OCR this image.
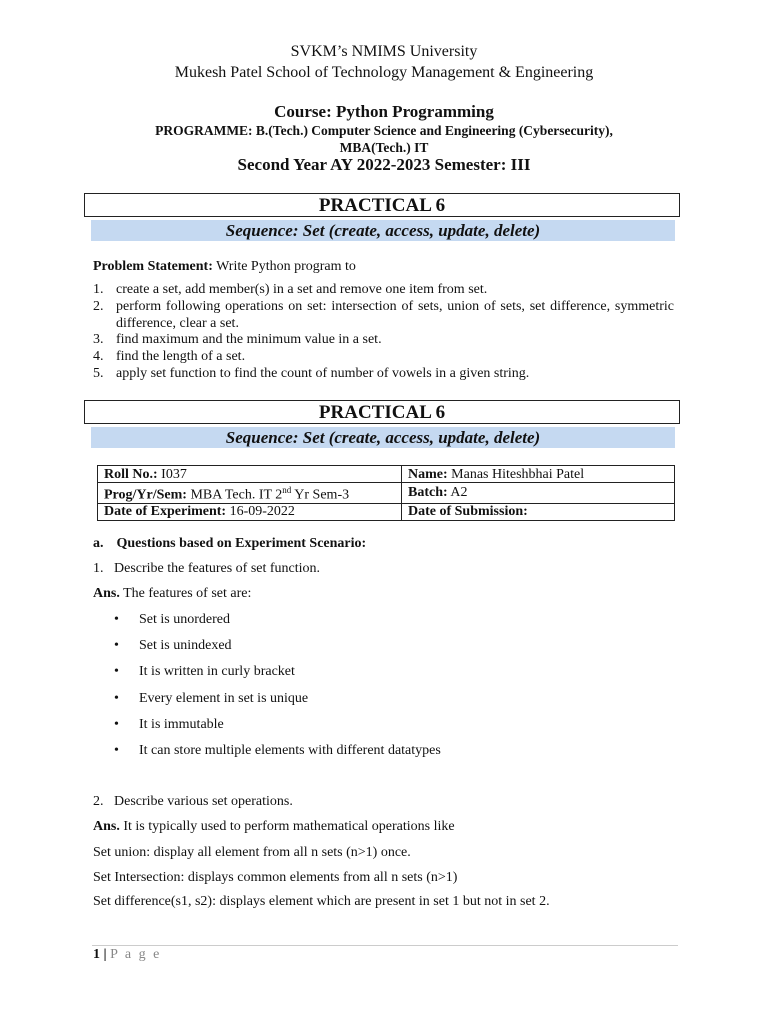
SVKM’s NMIMS University
Mukesh Patel School of Technology Management & Engineering
Course: Python Programming
PROGRAMME: B.(Tech.) Computer Science and Engineering (Cybersecurity),
MBA(Tech.) IT
Second Year AY 2022-2023 Semester: III
PRACTICAL 6
Sequence: Set (create, access, update, delete)
Problem Statement: Write Python program to
1. create a set, add member(s) in a set and remove one item from set.
2. perform following operations on set: intersection of sets, union of sets, set difference, symmetric difference, clear a set.
3. find maximum and the minimum value in a set.
4. find the length of a set.
5. apply set function to find the count of number of vowels in a given string.
PRACTICAL 6
Sequence: Set (create, access, update, delete)
Roll No.: I037	Name: Manas Hiteshbhai Patel
Prog/Yr/Sem: MBA Tech. IT 2nd Yr Sem-3	Batch: A2
Date of Experiment: 16-09-2022	Date of Submission:
a. Questions based on Experiment Scenario:
1.   Describe the features of set function.
Ans. The features of set are:
• Set is unordered
• Set is unindexed
• It is written in curly bracket
• Every element in set is unique
• It is immutable
• It can store multiple elements with different datatypes
2.   Describe various set operations.
Ans. It is typically used to perform mathematical operations like
Set union: display all element from all n sets (n>1) once.
Set Intersection: displays common elements from all n sets (n>1)
Set difference(s1, s2): displays element which are present in set 1 but not in set 2.
1 | P a g e
